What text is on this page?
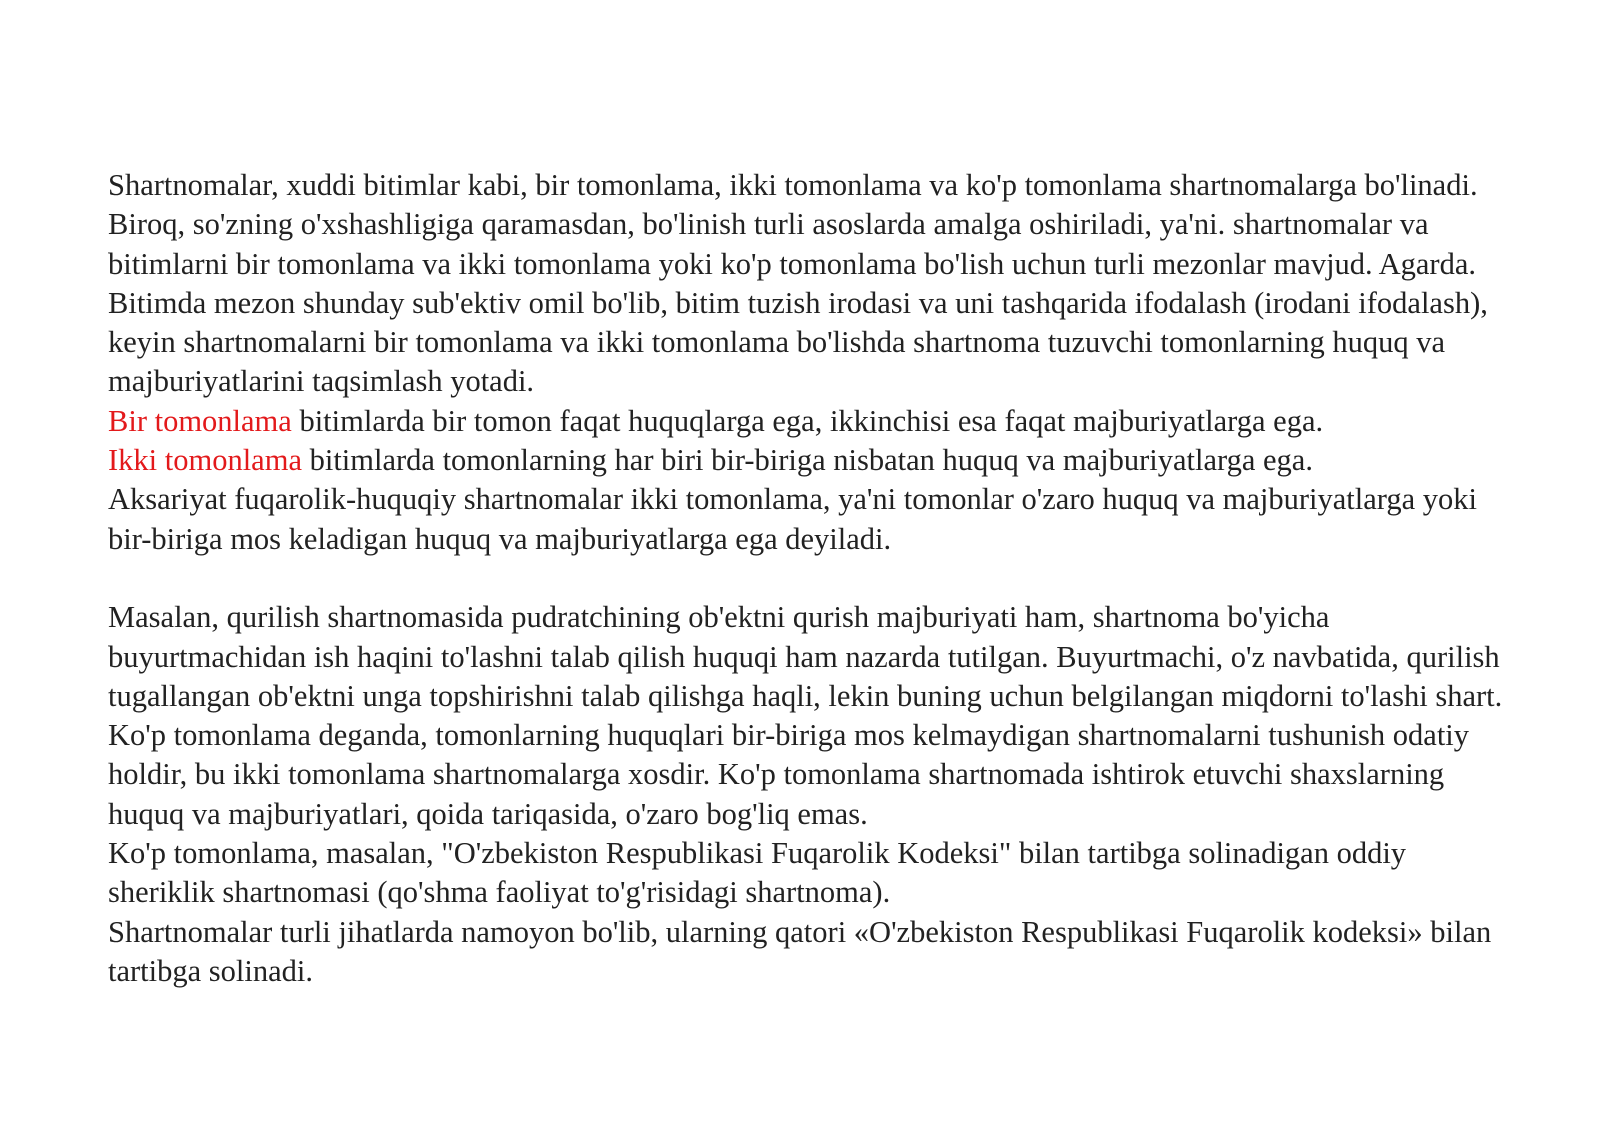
Shartnomalar, xuddi bitimlar kabi, bir tomonlama, ikki tomonlama va ko'p tomonlama shartnomalarga bo'linadi.

Biroq, so'zning o'xshashligiga qaramasdan, bo'linish turli asoslarda amalga oshiriladi, ya'ni. shartnomalar va bitimlarni bir tomonlama va ikki tomonlama yoki ko'p tomonlama bo'lish uchun turli mezonlar mavjud. Agarda. Bitimda mezon shunday sub'ektiv omil bo'lib, bitim tuzish irodasi va uni tashqarida ifodalash (irodani ifodalash), keyin shartnomalarni bir tomonlama va ikki tomonlama bo'lishda shartnoma tuzuvchi tomonlarning huquq va majburiyatlarini taqsimlash yotadi.

Bir tomonlama bitimlarda bir tomon faqat huquqlarga ega, ikkinchisi esa faqat majburiyatlarga ega.

Ikki tomonlama bitimlarda tomonlarning har biri bir-biriga nisbatan huquq va majburiyatlarga ega.

Aksariyat fuqarolik-huquqiy shartnomalar ikki tomonlama, ya'ni tomonlar o'zaro huquq va majburiyatlarga yoki bir-biriga mos keladigan huquq va majburiyatlarga ega deyiladi.

Masalan, qurilish shartnomasida pudratchining ob'ektni qurish majburiyati ham, shartnoma bo'yicha buyurtmachidan ish haqini to'lashni talab qilish huquqi ham nazarda tutilgan. Buyurtmachi, o'z navbatida, qurilish tugallangan ob'ektni unga topshirishni talab qilishga haqli, lekin buning uchun belgilangan miqdorni to'lashi shart.

Ko'p tomonlama deganda, tomonlarning huquqlari bir-biriga mos kelmaydigan shartnomalarni tushunish odatiy holdir, bu ikki tomonlama shartnomalarga xosdir. Ko'p tomonlama shartnomada ishtirok etuvchi shaxslarning huquq va majburiyatlari, qoida tariqasida, o'zaro bog'liq emas.

Ko'p tomonlama, masalan, "O'zbekiston Respublikasi Fuqarolik Kodeksi" bilan tartibga solinadigan oddiy sheriklik shartnomasi (qo'shma faoliyat to'g'risidagi shartnoma).

Shartnomalar turli jihatlarda namoyon bo'lib, ularning qatori «O'zbekiston Respublikasi Fuqarolik kodeksi» bilan tartibga solinadi.
